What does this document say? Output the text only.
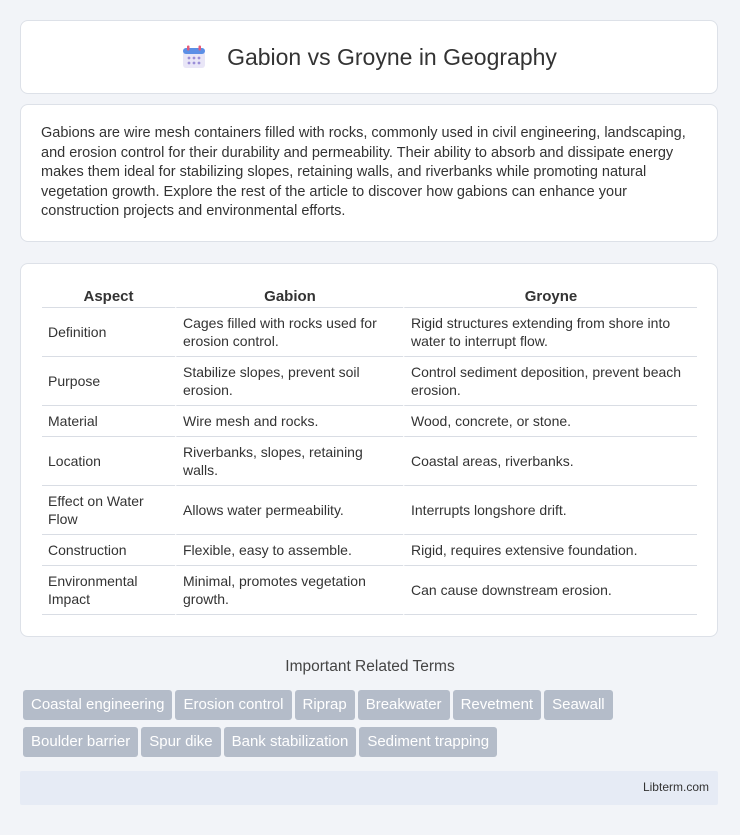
Gabion vs Groyne in Geography

Gabions are wire mesh containers filled with rocks, commonly used in civil engineering, landscaping, and erosion control for their durability and permeability. Their ability to absorb and dissipate energy makes them ideal for stabilizing slopes, retaining walls, and riverbanks while promoting natural vegetation growth. Explore the rest of the article to discover how gabions can enhance your construction projects and environmental efforts.

Aspect	Gabion	Groyne
Definition	Cages filled with rocks used for erosion control.	Rigid structures extending from shore into water to interrupt flow.
Purpose	Stabilize slopes, prevent soil erosion.	Control sediment deposition, prevent beach erosion.
Material	Wire mesh and rocks.	Wood, concrete, or stone.
Location	Riverbanks, slopes, retaining walls.	Coastal areas, riverbanks.
Effect on Water Flow	Allows water permeability.	Interrupts longshore drift.
Construction	Flexible, easy to assemble.	Rigid, requires extensive foundation.
Environmental Impact	Minimal, promotes vegetation growth.	Can cause downstream erosion.
Important Related Terms
Coastal engineering Erosion control Riprap Breakwater Revetment Seawall
Boulder barrier Spur dike Bank stabilization Sediment trapping
Libterm.com
